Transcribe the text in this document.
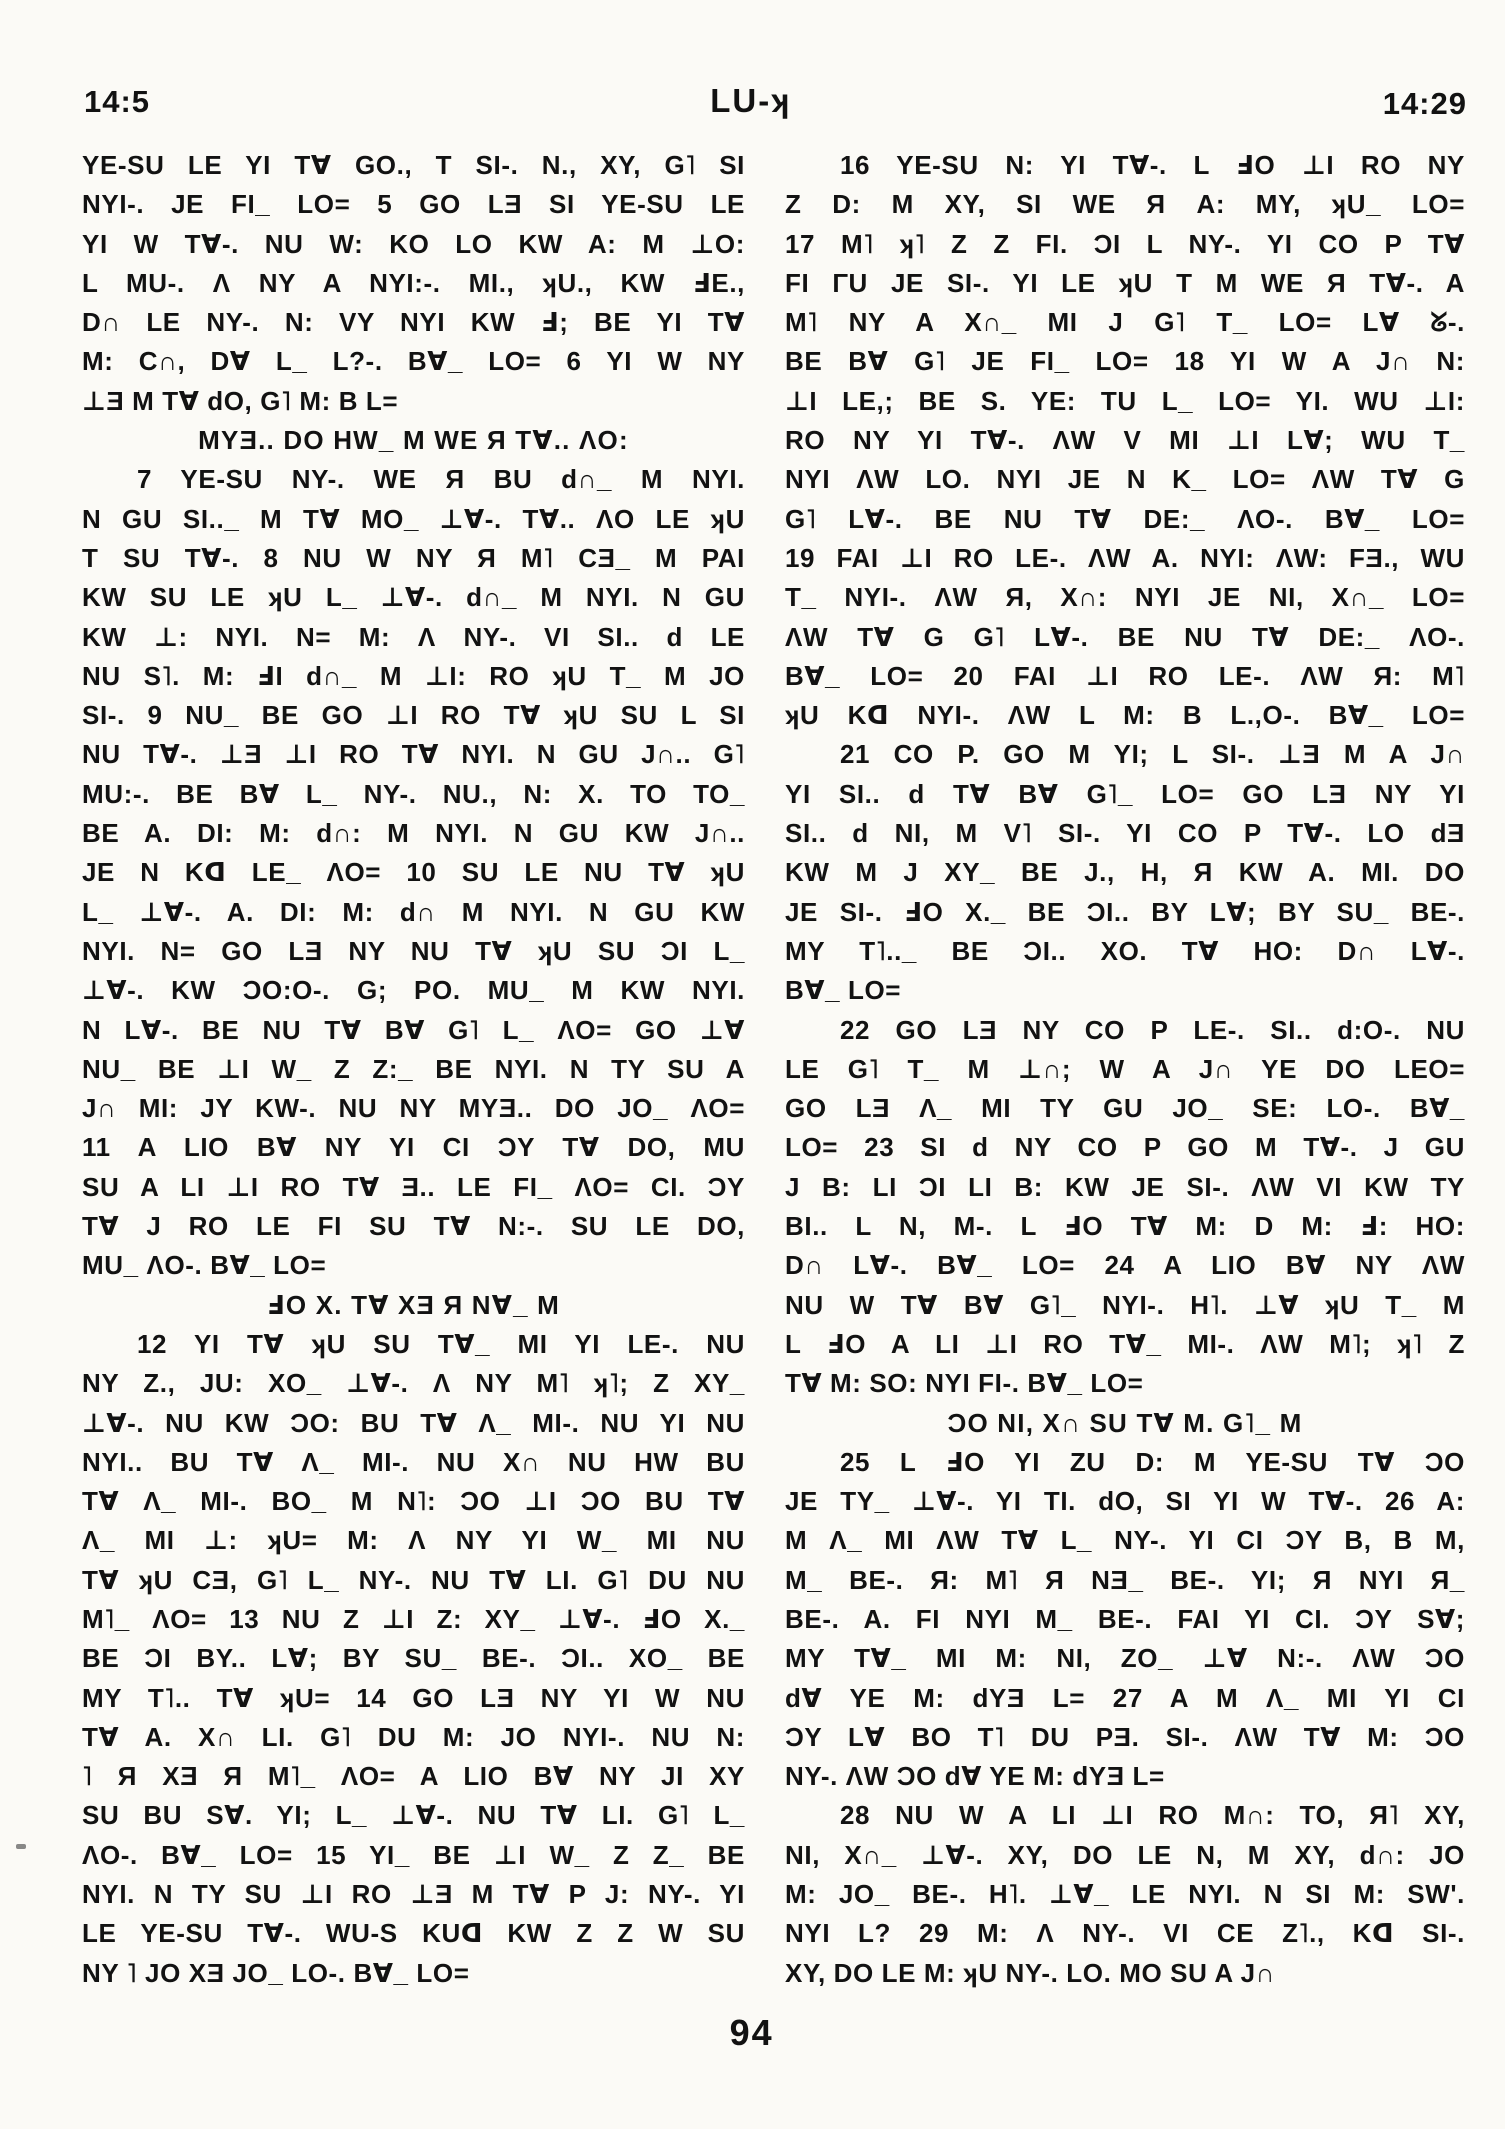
14:5	LU-ʞ	14:29
YE-SU LE YI T∀ GO., T SI-. N., XY, G˥ SI
NYI-. JE FI_ LO= 5 GO LƎ SI YE-SU LE
YI W T∀-. NU W: KO LO KW A: M ⊥O:
L MU-. Λ NY A NYI:-. MI., ʞU., KW ℲE.,
D∩ LE NY-. N: VY NYI KW Ⅎ; BE YI T∀
M: C∩, D∀ L_ L?-. B∀_ LO= 6 YI W NY
⊥Ǝ M T∀ dO, G˥ M: B L=
MYƎ.. DO HW_ M WE Я T∀.. ΛO:
7 YE-SU NY-. WE Я BU d∩_ M NYI.
N GU SI.._ M T∀ MO_ ⊥∀-. T∀.. ΛO LE ʞU
T SU T∀-. 8 NU W NY Я M˥ CƎ_ M PAI
KW SU LE ʞU L_ ⊥∀-. d∩_ M NYI. N GU
KW ⊥: NYI. N= M: Λ NY-. VI SI.. d LE
NU S˥. M: ℲI d∩_ M ⊥I: RO ʞU T_ M JO
SI-. 9 NU_ BE GO ⊥I RO T∀ ʞU SU L SI
NU T∀-. ⊥Ǝ ⊥I RO T∀ NYI. N GU J∩.. G˥
MU:-. BE B∀ L_ NY-. NU., N: X. TO TO_
BE A. DI: M: d∩: M NYI. N GU KW J∩..
JE N Kᗡ LE_ ΛO= 10 SU LE NU T∀ ʞU
L_ ⊥∀-. A. DI: M: d∩ M NYI. N GU KW
NYI. N= GO LƎ NY NU T∀ ʞU SU ƆI L_
⊥∀-. KW ƆO:O-. G; PO. MU_ M KW NYI.
N L∀-. BE NU T∀ B∀ G˥ L_ ΛO= GO ⊥∀
NU_ BE ⊥I W_ Z Z:_ BE NYI. N TY SU A
J∩ MI: JY KW-. NU NY MYƎ.. DO JO_ ΛO=
11 A LIO B∀ NY YI CI ƆY T∀ DO, MU
SU A LI ⊥I RO T∀ Ǝ.. LE FI_ ΛO= CI. ƆY
T∀ J RO LE FI SU T∀ N:-. SU LE DO,
MU_ ΛO-. B∀_ LO=
ℲO X. T∀ XƎ Я N∀_ M
12 YI T∀ ʞU SU T∀_ MI YI LE-. NU
NY Z., JU: XO_ ⊥∀-. Λ NY M˥ ʞ˥; Z XY_
⊥∀-. NU KW ƆO: BU T∀ Λ_ MI-. NU YI NU
NYI.. BU T∀ Λ_ MI-. NU X∩ NU HW BU
T∀ Λ_ MI-. BO_ M N˥: ƆO ⊥I ƆO BU T∀
Λ_ MI ⊥: ʞU= M: Λ NY YI W_ MI NU
T∀ ʞU CƎ, G˥ L_ NY-. NU T∀ LI. G˥ DU NU
M˥_ ΛO= 13 NU Z ⊥I Z: XY_ ⊥∀-. ℲO X._
BE ƆI BY.. L∀; BY SU_ BE-. ƆI.. XO_ BE
MY T˥.. T∀ ʞU= 14 GO LƎ NY YI W NU
T∀ A. X∩ LI. G˥ DU M: JO NYI-. NU N:
˥ Я XƎ Я M˥_ ΛO= A LIO B∀ NY JI XY
SU BU S∀. YI; L_ ⊥∀-. NU T∀ LI. G˥ L_
ΛO-. B∀_ LO= 15 YI_ BE ⊥I W_ Z Z_ BE
NYI. N TY SU ⊥I RO ⊥Ǝ M T∀ P J: NY-. YI
LE YE-SU T∀-. WU-S KUᗡ KW Z Z W SU
NY ˥ JO XƎ JO_ LO-. B∀_ LO=
16 YE-SU N: YI T∀-. L ℲO ⊥I RO NY
Z D: M XY, SI WE Я A: MY, ʞU_ LO=
17 M˥ ʞ˥ Z Z FI. ƆI L NY-. YI CO P T∀
FI ΓU JE SI-. YI LE ʞU T M WE Я T∀-. A
M˥ NY A X∩_ MI J G˥ T_ LO= L∀ ᘜ-.
BE B∀ G˥ JE FI_ LO= 18 YI W A J∩ N:
⊥I LE,; BE S. YE: TU L_ LO= YI. WU ⊥I:
RO NY YI T∀-. ΛW V MI ⊥I L∀; WU T_
NYI ΛW LO. NYI JE N K_ LO= ΛW T∀ G
G˥ L∀-. BE NU T∀ DE:_ ΛO-. B∀_ LO=
19 FAI ⊥I RO LE-. ΛW A. NYI: ΛW: FƎ., WU
T_ NYI-. ΛW Я, X∩: NYI JE NI, X∩_ LO=
ΛW T∀ G G˥ L∀-. BE NU T∀ DE:_ ΛO-.
B∀_ LO= 20 FAI ⊥I RO LE-. ΛW Я: M˥
ʞU Kᗡ NYI-. ΛW L M: B L.,O-. B∀_ LO=
21 CO P. GO M YI; L SI-. ⊥Ǝ M A J∩
YI SI.. d T∀ B∀ G˥_ LO= GO LƎ NY YI
SI.. d NI, M V˥ SI-. YI CO P T∀-. LO dƎ
KW M J XY_ BE J., H, Я KW A. MI. DO
JE SI-. ℲO X._ BE ƆI.. BY L∀; BY SU_ BE-.
MY T˥.._ BE ƆI.. XO. T∀ HO: D∩ L∀-.
B∀_ LO=
22 GO LƎ NY CO P LE-. SI.. d:O-. NU
LE G˥ T_ M ⊥∩; W A J∩ YE DO LEO=
GO LƎ Λ_ MI TY GU JO_ SE: LO-. B∀_
LO= 23 SI d NY CO P GO M T∀-. J GU
J B: LI ƆI LI B: KW JE SI-. ΛW VI KW TY
BI.. L N, M-. L ℲO T∀ M: D M: Ⅎ: HO:
D∩ L∀-. B∀_ LO= 24 A LIO B∀ NY ΛW
NU W T∀ B∀ G˥_ NYI-. H˥. ⊥∀ ʞU T_ M
L ℲO A LI ⊥I RO T∀_ MI-. ΛW M˥; ʞ˥ Z
T∀ M: SO: NYI FI-. B∀_ LO=
ƆO NI, X∩ SU T∀ M. G˥_ M
25 L ℲO YI ZU D: M YE-SU T∀ ƆO
JE TY_ ⊥∀-. YI TI. dO, SI YI W T∀-. 26 A:
M Λ_ MI ΛW T∀ L_ NY-. YI CI ƆY B, B M,
M_ BE-. Я: M˥ Я NƎ_ BE-. YI; Я NYI Я_
BE-. A. FI NYI M_ BE-. FAI YI CI. ƆY S∀;
MY T∀_ MI M: NI, ZO_ ⊥∀ N:-. ΛW ƆO
d∀ YE M: dYƎ L= 27 A M Λ_ MI YI CI
ƆY L∀ BO T˥ DU PƎ. SI-. ΛW T∀ M: ƆO
NY-. ΛW ƆO d∀ YE M: dYƎ L=
28 NU W A LI ⊥I RO M∩: TO, Я˥ XY,
NI, X∩_ ⊥∀-. XY, DO LE N, M XY, d∩: JO
M: JO_ BE-. H˥. ⊥∀_ LE NYI. N SI M: SW'.
NYI L? 29 M: Λ NY-. VI CE Z˥., Kᗡ SI-.
XY, DO LE M: ʞU NY-. LO. MO SU A J∩
94
